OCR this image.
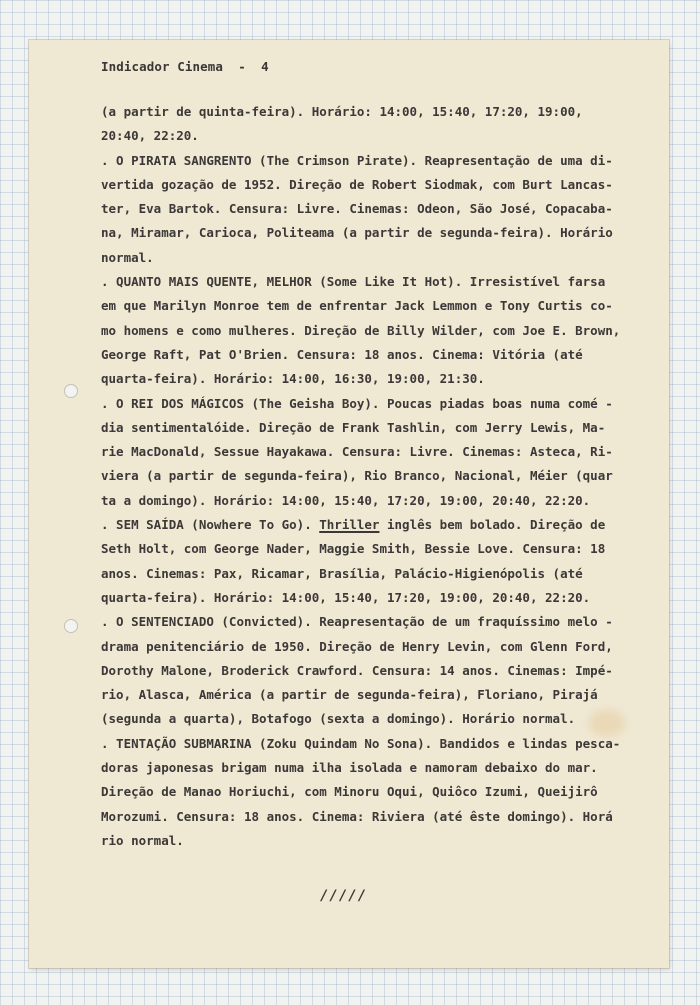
Indicador Cinema  -  4
(a partir de quinta-feira). Horário: 14:00, 15:40, 17:20, 19:00,
20:40, 22:20.
. O PIRATA SANGRENTO (The Crimson Pirate). Reapresentação de uma di-
vertida gozação de 1952. Direção de Robert Siodmak, com Burt Lancas-
ter, Eva Bartok. Censura: Livre. Cinemas: Odeon, São José, Copacaba-
na, Miramar, Carioca, Politeama (a partir de segunda-feira). Horário
normal.
. QUANTO MAIS QUENTE, MELHOR (Some Like It Hot). Irresistível farsa
em que Marilyn Monroe tem de enfrentar Jack Lemmon e Tony Curtis co-
mo homens e como mulheres. Direção de Billy Wilder, com Joe E. Brown,
George Raft, Pat O'Brien. Censura: 18 anos. Cinema: Vitória (até
quarta-feira). Horário: 14:00, 16:30, 19:00, 21:30.
. O REI DOS MÁGICOS (The Geisha Boy). Poucas piadas boas numa comé -
dia sentimentalóide. Direção de Frank Tashlin, com Jerry Lewis, Ma-
rie MacDonald, Sessue Hayakawa. Censura: Livre. Cinemas: Asteca, Ri-
viera (a partir de segunda-feira), Rio Branco, Nacional, Méier (quar
ta a domingo). Horário: 14:00, 15:40, 17:20, 19:00, 20:40, 22:20.
. SEM SAÍDA (Nowhere To Go). Thriller inglês bem bolado. Direção de
Seth Holt, com George Nader, Maggie Smith, Bessie Love. Censura: 18
anos. Cinemas: Pax, Ricamar, Brasília, Palácio-Higienópolis (até
quarta-feira). Horário: 14:00, 15:40, 17:20, 19:00, 20:40, 22:20.
. O SENTENCIADO (Convicted). Reapresentação de um fraquíssimo melo -
drama penitenciário de 1950. Direção de Henry Levin, com Glenn Ford,
Dorothy Malone, Broderick Crawford. Censura: 14 anos. Cinemas: Impé-
rio, Alasca, América (a partir de segunda-feira), Floriano, Pirajá
(segunda a quarta), Botafogo (sexta a domingo). Horário normal.
. TENTAÇÃO SUBMARINA (Zoku Quindam No Sona). Bandidos e lindas pesca-
doras japonesas brigam numa ilha isolada e namoram debaixo do mar.
Direção de Manao Horiuchi, com Minoru Oqui, Quiôco Izumi, Queijirô
Morozumi. Censura: 18 anos. Cinema: Riviera (até êste domingo). Horá
rio normal.
/////
